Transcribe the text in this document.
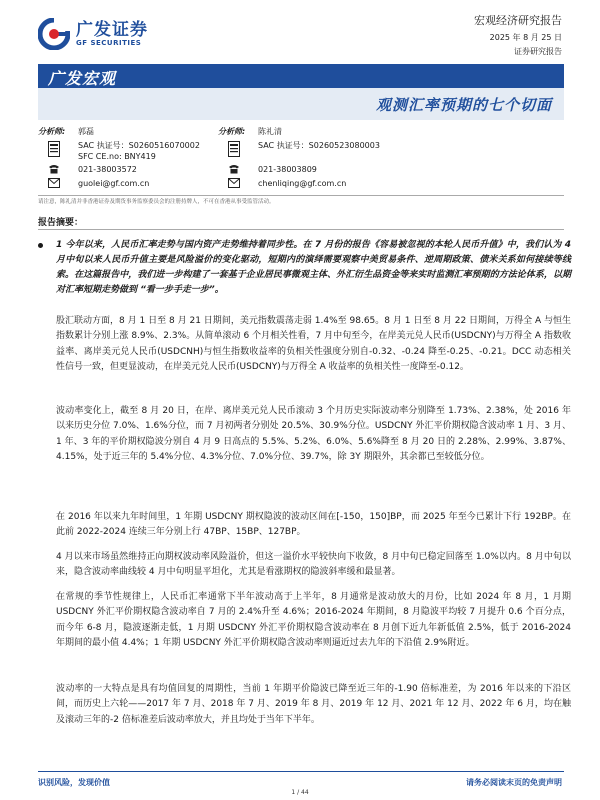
广发证券
GF SECURITIES
宏观经济研究报告
2025 年 8 月 25 日
证券研究报告
广发宏观
观测汇率预期的七个切面
分析师: 郭磊
SAC 执证号：S0260516070002
SFC CE.no: BNY419
021-38003572
guolei@gf.com.cn
分析师: 陈礼清
SAC 执证号：S0260523080003
021-38003809
chenliqing@gf.com.cn
请注意，陈礼清并非香港证券及期货事务监察委员会的注册持牌人，不可在香港从事受监管活动。
报告摘要：

1 今年以来，人民币汇率走势与国内资产走势维持着同步性。在 7 月份的报告《容易被忽视的本轮人民币升值》中，我们认为 4 月中旬以来人民币升值主要是风险溢价的变化驱动，短期内的演绎需要观察中美贸易条件、逆周期政策、债米关系如何接续等线索。在这篇报告中，我们进一步构建了一套基于企业居民事微观主体、外汇衍生品资金等来实时监测汇率预期的方法论体系，以期对汇率短期走势做到 “看一步手走一步”。

股汇联动方面，8 月 1 日至 8 月 21 日期间，美元指数震荡走弱 1.4%至 98.65。8 月 1 日至 8 月 22 日期间，万得全 A 与恒生指数累计分别上涨 8.9%、2.3%。从简单滚动 6 个月相关性看，7 月中旬至今，在岸美元兑人民币(USDCNY)与万得全 A 指数收益率、离岸美元兑人民币(USDCNH)与恒生指数收益率的负相关性强度分别自-0.32、-0.24 降至-0.25、-0.21。DCC 动态相关性信号一致，但更显波动，在岸美元兑人民币(USDCNY)与万得全 A 收益率的负相关性一度降至-0.12。

波动率变化上，截至 8 月 20 日，在岸、离岸美元兑人民币滚动 3 个月历史实际波动率分别降至 1.73%、2.38%，处 2016 年以来历史分位 7.0%、1.6%分位，而 7 月初两者分别处 20.5%、30.9%分位。USDCNY 外汇平价期权隐含波动率 1 月、3 月、1 年、3 年的平价期权隐波分别自 4 月 9 日高点的 5.5%、5.2%、6.0%、5.6%降至 8 月 20 日的 2.28%、2.99%、3.87%、4.15%，处于近三年的 5.4%分位、4.3%分位、7.0%分位、39.7%，除 3Y 期限外，其余都已至较低分位。

在 2016 年以来九年时间里，1 年期 USDCNY 期权隐波的波动区间在[-150，150]BP，而 2025 年至今已累计下行 192BP。在此前 2022-2024 连续三年分别上行 47BP、15BP、127BP。

4 月以来市场虽然维持正向期权波动率风险溢价，但这一溢价水平较快向下收敛，8 月中旬已稳定回落至 1.0%以内。8 月中旬以来，隐含波动率曲线较 4 月中旬明显平坦化，尤其是看涨期权的隐波斜率缓和最显著。

在常规的季节性规律上，人民币汇率通常下半年波动高于上半年，8 月通常是波动放大的月份，比如 2024 年 8 月，1 月期 USDCNY 外汇平价期权隐含波动率自 7 月的 2.4%升至 4.6%；2016-2024 年期间，8 月隐波平均较 7 月提升 0.6 个百分点，而今年 6-8 月，隐波逐渐走低，1 月期 USDCNY 外汇平价期权隐含波动率在 8 月创下近九年新低值 2.5%，低于 2016-2024 年期间的最小值 4.4%；1 年期 USDCNY 外汇平价期权隐含波动率则逼近过去九年的下沿值 2.9%附近。

波动率的一大特点是具有均值回复的周期性，当前 1 年期平价隐波已降至近三年的-1.90 倍标准差，为 2016 年以来的下沿区间，而历史上六轮——2017 年 7 月、2018 年 7 月、2019 年 8 月、2019 年 12 月、2021 年 12 月、2022 年 6 月，均在触及滚动三年的-2 倍标准差后波动率放大，并且均处于当年下半年。

识别风险，发现价值	请务必阅读末页的免责声明
1 / 44
